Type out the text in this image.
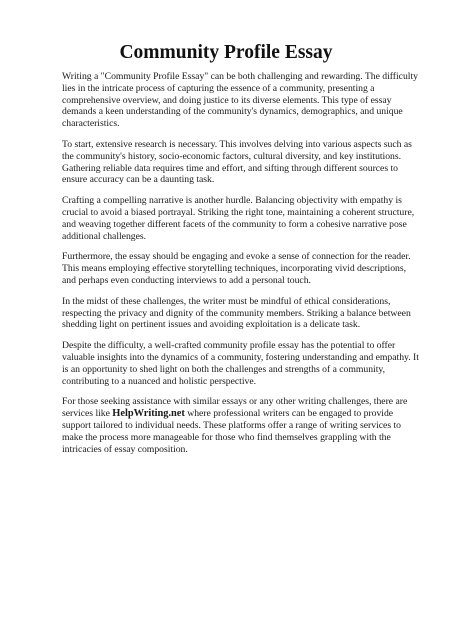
Community Profile Essay

Writing a "Community Profile Essay" can be both challenging and rewarding. The difficulty lies in the intricate process of capturing the essence of a community, presenting a comprehensive overview, and doing justice to its diverse elements. This type of essay demands a keen understanding of the community's dynamics, demographics, and unique characteristics.

To start, extensive research is necessary. This involves delving into various aspects such as the community's history, socio-economic factors, cultural diversity, and key institutions. Gathering reliable data requires time and effort, and sifting through different sources to ensure accuracy can be a daunting task.

Crafting a compelling narrative is another hurdle. Balancing objectivity with empathy is crucial to avoid a biased portrayal. Striking the right tone, maintaining a coherent structure, and weaving together different facets of the community to form a cohesive narrative pose additional challenges.

Furthermore, the essay should be engaging and evoke a sense of connection for the reader. This means employing effective storytelling techniques, incorporating vivid descriptions, and perhaps even conducting interviews to add a personal touch.

In the midst of these challenges, the writer must be mindful of ethical considerations, respecting the privacy and dignity of the community members. Striking a balance between shedding light on pertinent issues and avoiding exploitation is a delicate task.

Despite the difficulty, a well-crafted community profile essay has the potential to offer valuable insights into the dynamics of a community, fostering understanding and empathy. It is an opportunity to shed light on both the challenges and strengths of a community, contributing to a nuanced and holistic perspective.

For those seeking assistance with similar essays or any other writing challenges, there are services like HelpWriting.net where professional writers can be engaged to provide support tailored to individual needs. These platforms offer a range of writing services to make the process more manageable for those who find themselves grappling with the intricacies of essay composition.
